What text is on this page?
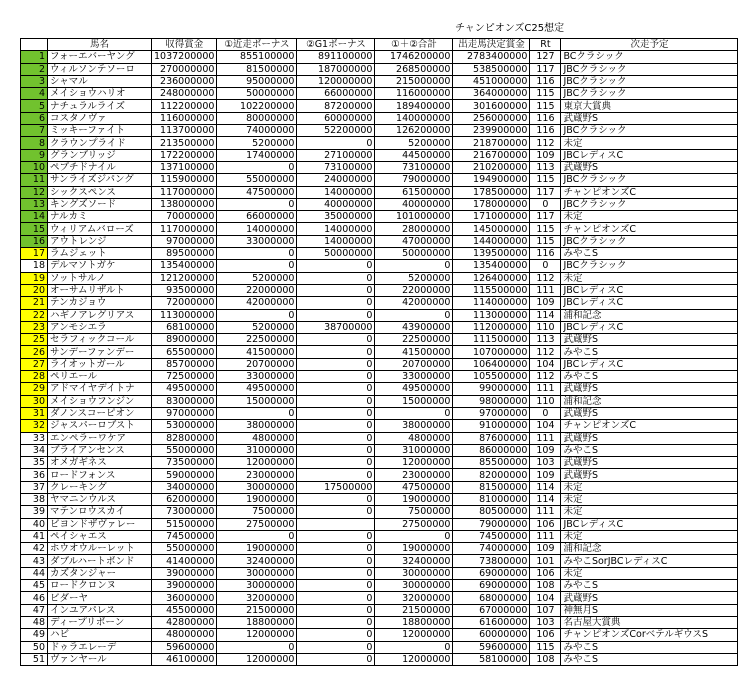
チャンピオンズC25想定
	馬名	収得賞金	①近走ボーナス	②G1ボーナス	①＋②合計	出走馬決定賞金	Rt	次走予定
1	フォーエバーヤング	1037200000	855100000	891100000	1746200000	2783400000	127	BCクラシック
2	ウィルソンテソーロ	270000000	81500000	187000000	268500000	538500000	117	JBCクラシック
3	シャマル	236000000	95000000	120000000	215000000	451000000	116	JBCクラシック
4	メイショウハリオ	248000000	50000000	66000000	116000000	364000000	115	JBCクラシック
5	ナチュラルライズ	112200000	102200000	87200000	189400000	301600000	115	東京大賞典
6	コスタノヴァ	116000000	80000000	60000000	140000000	256000000	116	武蔵野S
7	ミッキーファイト	113700000	74000000	52200000	126200000	239900000	116	JBCクラシック
8	クラウンプライド	213500000	5200000	0	5200000	218700000	112	未定
9	グランブリッジ	172200000	17400000	27100000	44500000	216700000	109	JBCレディスC
10	ペプチドナイル	137100000	0	73100000	73100000	210200000	113	武蔵野S
11	サンライズジパング	115900000	55000000	24000000	79000000	194900000	115	JBCクラシック
12	シックスペンス	117000000	47500000	14000000	61500000	178500000	117	チャンピオンズC
13	キングズソード	138000000	0	40000000	40000000	178000000	0	JBCクラシック
14	ナルカミ	70000000	66000000	35000000	101000000	171000000	117	未定
15	ウィリアムバローズ	117000000	14000000	14000000	28000000	145000000	115	チャンピオンズC
16	アウトレンジ	97000000	33000000	14000000	47000000	144000000	115	JBCクラシック
17	ラムジェット	89500000	0	50000000	50000000	139500000	116	みやこS
18	デルマソトガケ	135400000	0	0	0	135400000	0	JBCクラシック
19	ソットサルノ	121200000	5200000	0	5200000	126400000	112	未定
20	オーサムリザルト	93500000	22000000	0	22000000	115500000	111	JBCレディスC
21	テンカジョウ	72000000	42000000	0	42000000	114000000	109	JBCレディスC
22	ハギノアレグリアス	113000000	0	0	0	113000000	114	浦和記念
23	アンモシエラ	68100000	5200000	38700000	43900000	112000000	110	JBCレディスC
25	セラフィックコール	89000000	22500000	0	22500000	111500000	113	武蔵野S
26	サンデーファンデー	65500000	41500000	0	41500000	107000000	112	みやこS
27	ライオットガール	85700000	20700000	0	20700000	106400000	104	JBCレディスC
28	ペリエール	72500000	33000000	0	33000000	105500000	112	みやこS
29	アドマイヤデイトナ	49500000	49500000	0	49500000	99000000	111	武蔵野S
30	メイショウフンジン	83000000	15000000	0	15000000	98000000	110	浦和記念
31	ダノンスコーピオン	97000000	0	0	0	97000000	0	武蔵野S
32	ジャスパーロブスト	53000000	38000000	0	38000000	91000000	104	チャンピオンズC
33	エンペラーワケア	82800000	4800000	0	4800000	87600000	111	武蔵野S
34	ブライアンセンス	55000000	31000000	0	31000000	86000000	109	みやこS
35	オメガギネス	73500000	12000000	0	12000000	85500000	103	武蔵野S
36	ロードフォンス	59000000	23000000	0	23000000	82000000	109	武蔵野S
37	クレーキング	34000000	30000000	17500000	47500000	81500000	114	未定
38	ヤマニンウルス	62000000	19000000	0	19000000	81000000	114	未定
39	マテンロウスカイ	73000000	7500000	0	7500000	80500000	111	未定
40	ビヨンドザヴァレー	51500000	27500000		27500000	79000000	106	JBCレディスC
41	ペイシャエス	74500000	0	0	0	74500000	111	未定
42	ホウオウルーレット	55000000	19000000	0	19000000	74000000	109	浦和記念
43	ダブルハートボンド	41400000	32400000	0	32400000	73800000	101	みやこSorJBCレディスC
44	カズタンジャー	39000000	30000000	0	30000000	69000000	106	未定
45	ロードクロンヌ	39000000	30000000	0	30000000	69000000	108	みやこS
46	ビダーヤ	36000000	32000000	0	32000000	68000000	104	武蔵野S
47	インユアパレス	45500000	21500000	0	21500000	67000000	107	神無月S
48	ディープリボーン	42800000	18800000	0	18800000	61600000	103	名古屋大賞典
49	ハビ	48000000	12000000	0	12000000	60000000	106	チャンピオンズCorベテルギウスS
50	ドゥラエレーデ	59600000	0	0	0	59600000	115	みやこS
51	ヴァンヤール	46100000	12000000	0	12000000	58100000	108	みやこS
